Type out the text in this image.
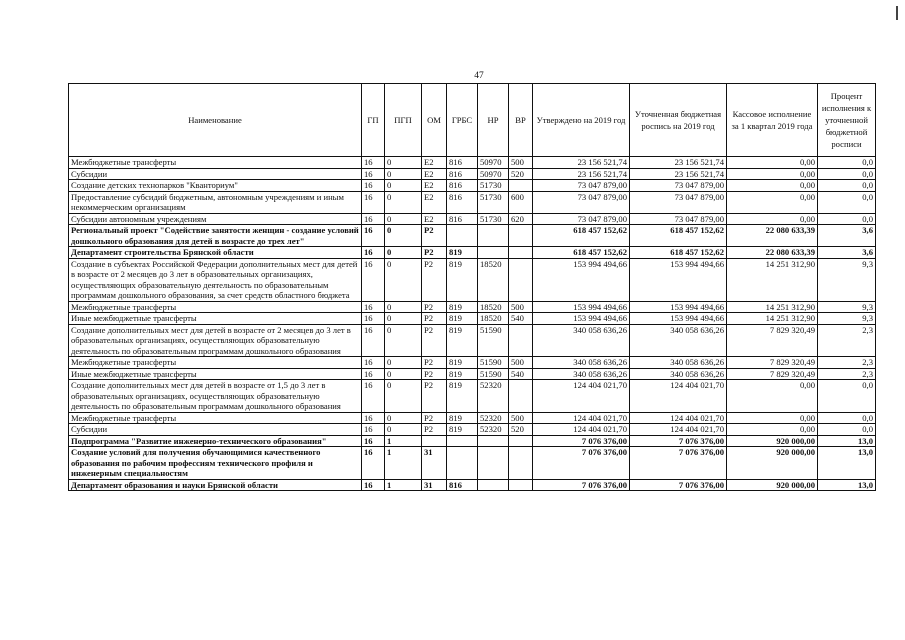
47
Наименование	ГП	ПГП	ОМ	ГРБС	НР	ВР	Утверждено на 2019 год	Уточненная бюджетная роспись на 2019 год	Кассовое исполнение за 1 квартал 2019 года	Процент исполнения к уточненной бюджетной росписи
Межбюджетные трансферты	16	0	E2	816	50970	500	23 156 521,74	23 156 521,74	0,00	0,0
Субсидии	16	0	E2	816	50970	520	23 156 521,74	23 156 521,74	0,00	0,0
Создание детских технопарков "Кванториум"	16	0	E2	816	51730		73 047 879,00	73 047 879,00	0,00	0,0
Предоставление субсидий бюджетным, автономным учреждениям и иным некоммерческим организациям	16	0	E2	816	51730	600	73 047 879,00	73 047 879,00	0,00	0,0
Субсидии автономным учреждениям	16	0	E2	816	51730	620	73 047 879,00	73 047 879,00	0,00	0,0
Региональный проект "Содействие занятости женщин - создание условий дошкольного образования для детей в возрасте до трех лет"	16	0	P2				618 457 152,62	618 457 152,62	22 080 633,39	3,6
Департамент строительства Брянской области	16	0	P2	819			618 457 152,62	618 457 152,62	22 080 633,39	3,6
Создание в субъектах Российской Федерации дополнительных мест для детей в возрасте от 2 месяцев до 3 лет в образовательных организациях, осуществляющих образовательную деятельность по образовательным программам дошкольного образования, за счет средств областного бюджета	16	0	P2	819	18520		153 994 494,66	153 994 494,66	14 251 312,90	9,3
Межбюджетные трансферты	16	0	P2	819	18520	500	153 994 494,66	153 994 494,66	14 251 312,90	9,3
Иные межбюджетные трансферты	16	0	P2	819	18520	540	153 994 494,66	153 994 494,66	14 251 312,90	9,3
Создание дополнительных мест для детей в возрасте от 2 месяцев до 3 лет в образовательных организациях, осуществляющих образовательную деятельность по образовательным программам дошкольного образования	16	0	P2	819	51590		340 058 636,26	340 058 636,26	7 829 320,49	2,3
Межбюджетные трансферты	16	0	P2	819	51590	500	340 058 636,26	340 058 636,26	7 829 320,49	2,3
Иные межбюджетные трансферты	16	0	P2	819	51590	540	340 058 636,26	340 058 636,26	7 829 320,49	2,3
Создание дополнительных мест для детей в возрасте от 1,5 до 3 лет в образовательных организациях, осуществляющих образовательную деятельность по образовательным программам дошкольного образования	16	0	P2	819	52320		124 404 021,70	124 404 021,70	0,00	0,0
Межбюджетные трансферты	16	0	P2	819	52320	500	124 404 021,70	124 404 021,70	0,00	0,0
Субсидии	16	0	P2	819	52320	520	124 404 021,70	124 404 021,70	0,00	0,0
Подпрограмма "Развитие инженерно-технического образования"	16	1					7 076 376,00	7 076 376,00	920 000,00	13,0
Создание условий для получения обучающимися качественного образования по рабочим профессиям технического профиля и инженерным специальностям	16	1	31				7 076 376,00	7 076 376,00	920 000,00	13,0
Департамент образования и науки Брянской области	16	1	31	816			7 076 376,00	7 076 376,00	920 000,00	13,0
